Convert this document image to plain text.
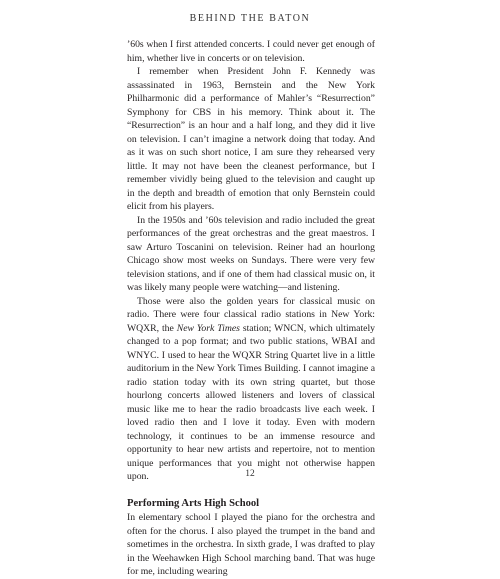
BEHIND THE BATON

’60s when I first attended concerts. I could never get enough of him, whether live in concerts or on television.

I remember when President John F. Kennedy was assassinated in 1963, Bernstein and the New York Philharmonic did a performance of Mahler’s “Resurrection” Symphony for CBS in his memory. Think about it. The “Resurrection” is an hour and a half long, and they did it live on television. I can’t imagine a network doing that today. And as it was on such short notice, I am sure they rehearsed very little. It may not have been the cleanest performance, but I remember vividly being glued to the television and caught up in the depth and breadth of emotion that only Bernstein could elicit from his players.

In the 1950s and ’60s television and radio included the great performances of the great orchestras and the great maestros. I saw Arturo Toscanini on television. Reiner had an hourlong Chicago show most weeks on Sundays. There were very few television stations, and if one of them had classical music on, it was likely many people were watching—and listening.

Those were also the golden years for classical music on radio. There were four classical radio stations in New York: WQXR, the New York Times station; WNCN, which ultimately changed to a pop format; and two public stations, WBAI and WNYC. I used to hear the WQXR String Quartet live in a little auditorium in the New York Times Building. I cannot imagine a radio station today with its own string quartet, but those hourlong concerts allowed listeners and lovers of classical music like me to hear the radio broadcasts live each week. I loved radio then and I love it today. Even with modern technology, it continues to be an immense resource and opportunity to hear new artists and repertoire, not to mention unique performances that you might not otherwise happen upon.

Performing Arts High School

In elementary school I played the piano for the orchestra and often for the chorus. I also played the trumpet in the band and sometimes in the orchestra. In sixth grade, I was drafted to play in the Weehawken High School marching band. That was huge for me, including wearing

12
